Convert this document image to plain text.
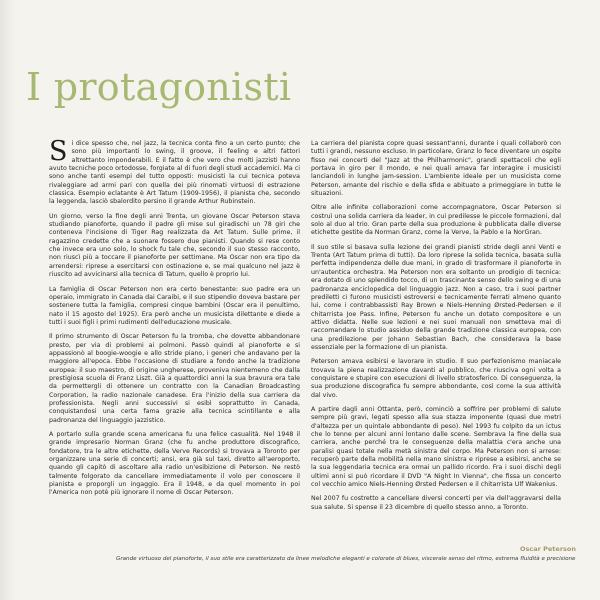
I protagonisti

Si dice spesso che, nel jazz, la tecnica conta fino a un certo punto; che sono più importanti lo swing, il groove, il feeling e altri fattori altrettanto imponderabili. E il fatto è che vero che molti jazzisti hanno avuto tecniche poco ortodosse, forgiate al di fuori degli studi accademici. Ma ci sono anche tanti esempi del tutto opposti: musicisti la cui tecnica poteva rivaleggiare ad armi pari con quella dei più rinomati virtuosi di estrazione classica. Esempio eclatante è Art Tatum (1909-1956), il pianista che, secondo la leggenda, lasciò sbalordito persino il grande Arthur Rubinstein.

Un giorno, verso la fine degli anni Trenta, un giovane Oscar Peterson stava studiando pianoforte, quando il padre gli mise sul giradischi un 78 giri che conteneva l'incisione di Tiger Rag realizzata da Art Tatum. Sulle prime, il ragazzino credette che a suonare fossero due pianisti. Quando si rese conto che invece era uno solo, lo shock fu tale che, secondo il suo stesso racconto, non riuscì più a toccare il pianoforte per settimane. Ma Oscar non era tipo da arrendersi: riprese a esercitarsi con ostinazione e, se mai qualcuno nel jazz è riuscito ad avvicinarsi alla tecnica di Tatum, quello è proprio lui.

La famiglia di Oscar Peterson non era certo benestante: suo padre era un operaio, immigrato in Canada dai Caraibi, e il suo stipendio doveva bastare per sostenere tutta la famiglia, compresi cinque bambini (Oscar era il penultimo, nato il 15 agosto del 1925). Era però anche un musicista dilettante e diede a tutti i suoi figli i primi rudimenti dell'educazione musicale.

Il primo strumento di Oscar Peterson fu la tromba, che dovette abbandonare presto, per via di problemi ai polmoni. Passò quindi al pianoforte e si appassionò al boogie-woogie e allo stride piano, i generi che andavano per la maggiore all'epoca. Ebbe l'occasione di studiare a fondo anche la tradizione europea: il suo maestro, di origine ungherese, proveniva nientemeno che dalla prestigiosa scuola di Franz Liszt. Già a quattordici anni la sua bravura era tale da permettergli di ottenere un contratto con la Canadian Broadcasting Corporation, la radio nazionale canadese. Era l'inizio della sua carriera da professionista. Negli anni successivi si esibì soprattutto in Canada, conquistandosi una certa fama grazie alla tecnica scintillante e alla padronanza del linguaggio jazzistico.

A portarlo sulla grande scena americana fu una felice casualità. Nel 1948 il grande impresario Norman Granz (che fu anche produttore discografico, fondatore, tra le altre etichette, della Verve Records) si trovava a Toronto per organizzare una serie di concerti; ansi, era già sul taxi, diretto all'aeroporto, quando gli capitò di ascoltare alla radio un'esibizione di Peterson. Ne restò talmente folgorato da cancellare immediatamente il volo per conoscere il pianista e proporgli un ingaggio. Era il 1948, e da quel momento in poi l'America non potè più ignorare il nome di Oscar Peterson.

La carriera del pianista copre quasi sessant'anni, durante i quali collaborò con tutti i grandi, nessuno escluso. In particolare, Granz lo fece diventare un ospite fisso nei concerti del "Jazz at the Philharmonic", grandi spettacoli che egli portava in giro per il mondo, e nei quali amava far interagire i musicisti lanciandoli in lunghe jam-session. L'ambiente ideale per un musicista come Peterson, amante del rischio e della sfida e abituato a primeggiare in tutte le situazioni.

Oltre alle infinite collaborazioni come accompagnatore, Oscar Peterson si costruì una solida carriera da leader, in cui predilesse le piccole formazioni, dal solo al duo al trio. Gran parte della sua produzione è pubblicata dalle diverse etichette gestite da Norman Granz, come la Verve, la Pablo e la NorGran.

Il suo stile si basava sulla lezione dei grandi pianisti stride degli anni Venti e Trenta (Art Tatum prima di tutti). Da loro riprese la solida tecnica, basata sulla perfetta indipendenza delle due mani, in grado di trasformare il pianoforte in un'autentica orchestra. Ma Peterson non era soltanto un prodigio di tecnica: era dotato di uno splendido tocco, di un trascinante senso dello swing e di una padronanza enciclopedica del linguaggio jazz. Non a caso, tra i suoi partner prediletti ci furono musicisti estroversi e tecnicamente ferrati almeno quanto lui, come i contrabbassisti Ray Brown e Niels-Henning Ørsted-Pedersen e il chitarrista Joe Pass. Infine, Peterson fu anche un dotato compositore e un attivo didatta. Nelle sue lezioni e nei suoi manuali non smetteva mai di raccomandare lo studio assiduo della grande tradizione classica europea, con una predilezione per Johann Sebastian Bach, che considerava la base essenziale per la formazione di un pianista.

Peterson amava esibirsi e lavorare in studio. Il suo perfezionismo maniacale trovava la piena realizzazione davanti al pubblico, che riusciva ogni volta a conquistare e stupire con esecuzioni di livello stratosferico. Di conseguenza, la sua produzione discografica fu sempre abbondante, così come la sua attività dal vivo.

A partire dagli anni Ottanta, però, cominciò a soffrire per problemi di salute sempre più gravi, legati spesso alla sua stazza imponente (quasi due metri d'altezza per un quintale abbondante di peso). Nel 1993 fu colpito da un ictus che lo tenne per alcuni anni lontano dalle scene. Sembrava la fine della sua carriera, anche perché tra le conseguenze della malattia c'era anche una paralisi quasi totale nella metà sinistra del corpo. Ma Peterson non si arrese: recuperò parte della mobilità nella mano sinistra e riprese a esibirsi, anche se la sua leggendaria tecnica era ormai un pallido ricordo. Fra i suoi dischi degli ultimi anni si può ricordare il DVD "A Night In Vienna", che fissa un concerto col vecchio amico Niels-Henning Ørsted Pedersen e il chitarrista Ulf Wakenius.

Nel 2007 fu costretto a cancellare diversi concerti per via dell'aggravarsi della sua salute. Si spense il 23 dicembre di quello stesso anno, a Toronto.

Oscar Peterson
Grande virtuoso del pianoforte, il suo stile era caratterizzato da linee melodiche eleganti e colorate di blues, viscerale senso del ritmo, estrema fluidità e precisione
